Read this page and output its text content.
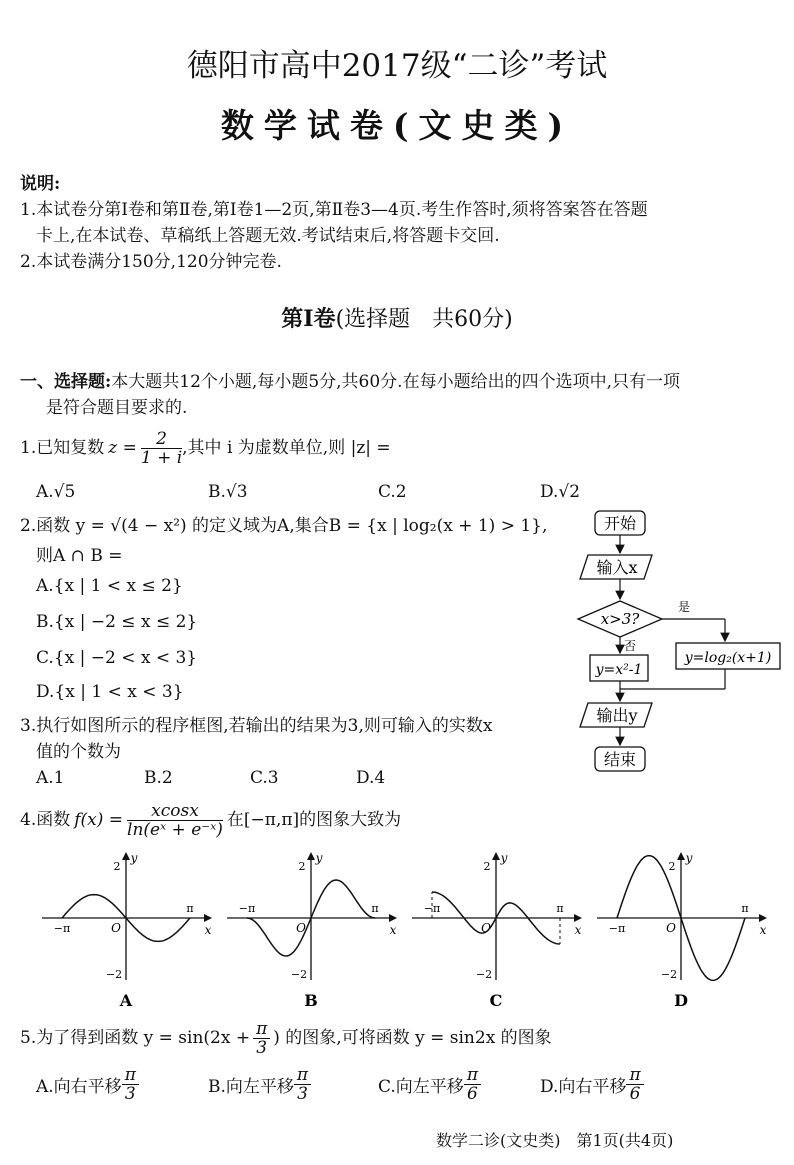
德阳市高中2017级“二诊”考试
数学试卷(文史类)
说明:
1.本试卷分第Ⅰ卷和第Ⅱ卷,第Ⅰ卷1—2页,第Ⅱ卷3—4页.考生作答时,须将答案答在答题
卡上,在本试卷、草稿纸上答题无效.考试结束后,将答题卡交回.
2.本试卷满分150分,120分钟完卷.
第Ⅰ卷(选择题　共60分)
一、选择题:本大题共12个小题,每小题5分,共60分.在每小题给出的四个选项中,只有一项
是符合题目要求的.
1.已知复数 $z = \frac{2}{1 + i}$ ,其中 i 为虚数单位,则 |z| =
A.√5	B.√3	C.2	D.√2
2.函数 y = √(4 − x²) 的定义域为A,集合B = {x | log₂(x + 1) > 1},
则A ∩ B =
A.{x | 1 < x ≤ 2}
B.{x | −2 ≤ x ≤ 2}
C.{x | −2 < x < 3}
D.{x | 1 < x < 3}
3.执行如图所示的程序框图,若输出的结果为3,则可输入的实数x
值的个数为
A.1	B.2	C.3	D.4
开始
输入x
x>3?
是
y=log₂(x+1)
否
y=x²-1
输出y
结束
4.函数 $f(x) = \frac{xcosx}{\text{ln(eˣ + e⁻ˣ)}}$ 在[−π,π]的图象大致为
y
x
O
2
−2
π
−π
A
y
x
O
2
−2
π
−π
B
y
x
O
2
−2
π
−π
C
y
x
O
2
−2
π
−π
D
5.为了得到函数 $y = \sin(2x + \frac{\pi}{3}$ ) 的图象,可将函数 y = sin2x 的图象
A.向右平移 $\frac{\pi}{3}$	B.向左平移 $\frac{\pi}{3}$	C.向左平移 $\frac{\pi}{6}$	D.向右平移 $\frac{\pi}{6}$
数学二诊(文史类)　第1页(共4页)
